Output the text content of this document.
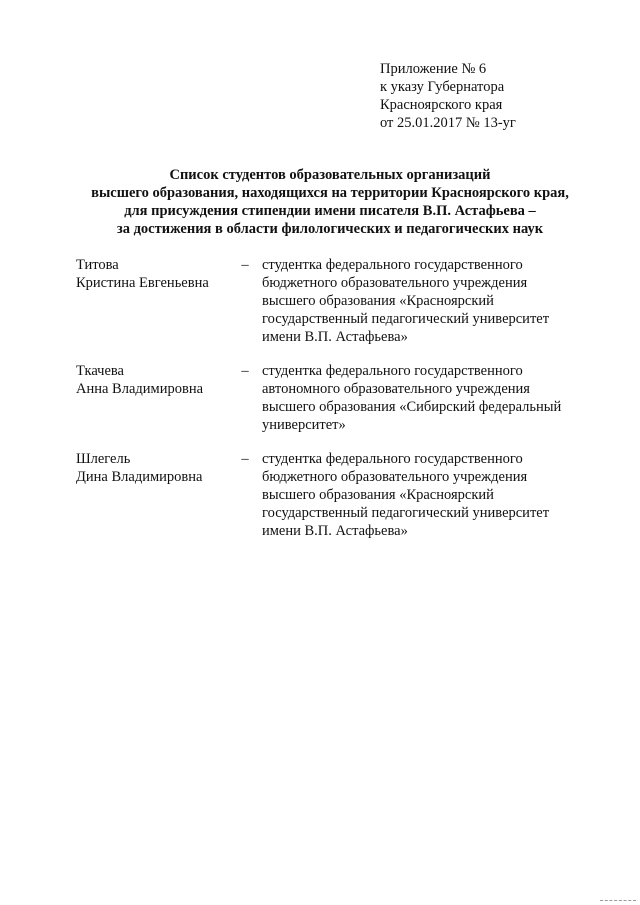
Приложение № 6
к указу Губернатора
Красноярского края
от 25.01.2017 № 13-уг
Список студентов образовательных организаций
высшего образования, находящихся на территории Красноярского края,
для присуждения стипендии имени писателя В.П. Астафьева –
за достижения в области филологических и педагогических наук
Титова
Кристина Евгеньевна
– студентка федерального государственного
бюджетного образовательного учреждения
высшего образования «Красноярский
государственный педагогический университет
имени В.П. Астафьева»
Ткачева
Анна Владимировна
– студентка федерального государственного
автономного образовательного учреждения
высшего образования «Сибирский федеральный
университет»
Шлегель
Дина Владимировна
– студентка федерального государственного
бюджетного образовательного учреждения
высшего образования «Красноярский
государственный педагогический университет
имени В.П. Астафьева»
